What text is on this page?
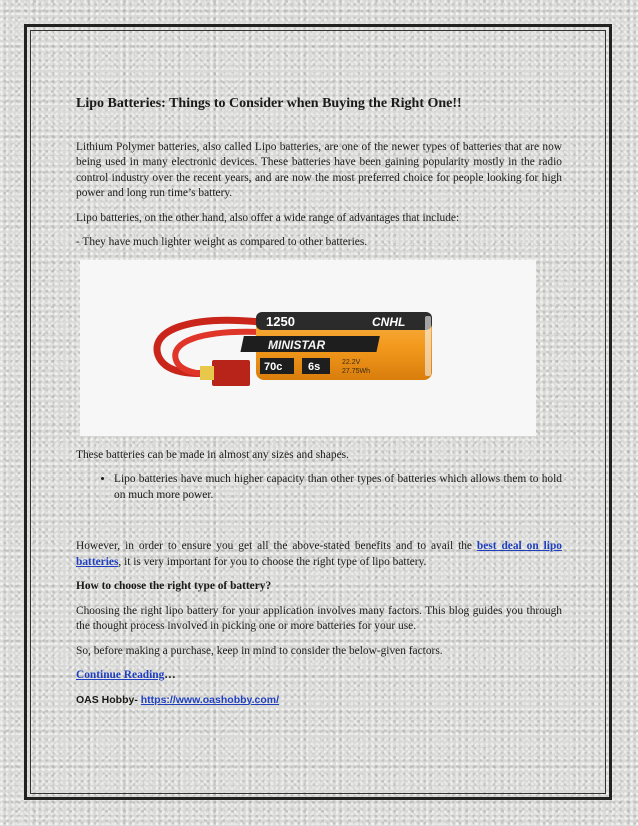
Lipo Batteries: Things to Consider when Buying the Right One!!

Lithium Polymer batteries, also called Lipo batteries, are one of the newer types of batteries that are now being used in many electronic devices. These batteries have been gaining popularity mostly in the radio control industry over the recent years, and are now the most preferred choice for people looking for high power and long run time’s battery.

Lipo batteries, on the other hand, also offer a wide range of advantages that include:

- They have much lighter weight as compared to other batteries.

1250	CNHL
MINISTAR
70c 6s	22.2V
27.75Wh

These batteries can be made in almost any sizes and shapes.

• Lipo batteries have much higher capacity than other types of batteries which allows them to hold on much more power.

However, in order to ensure you get all the above-stated benefits and to avail the best deal on lipo batteries, it is very important for you to choose the right type of lipo battery.

How to choose the right type of battery?

Choosing the right lipo battery for your application involves many factors. This blog guides you through the thought process involved in picking one or more batteries for your use.

So, before making a purchase, keep in mind to consider the below-given factors.

Continue Reading…

OAS Hobby- https://www.oashobby.com/
